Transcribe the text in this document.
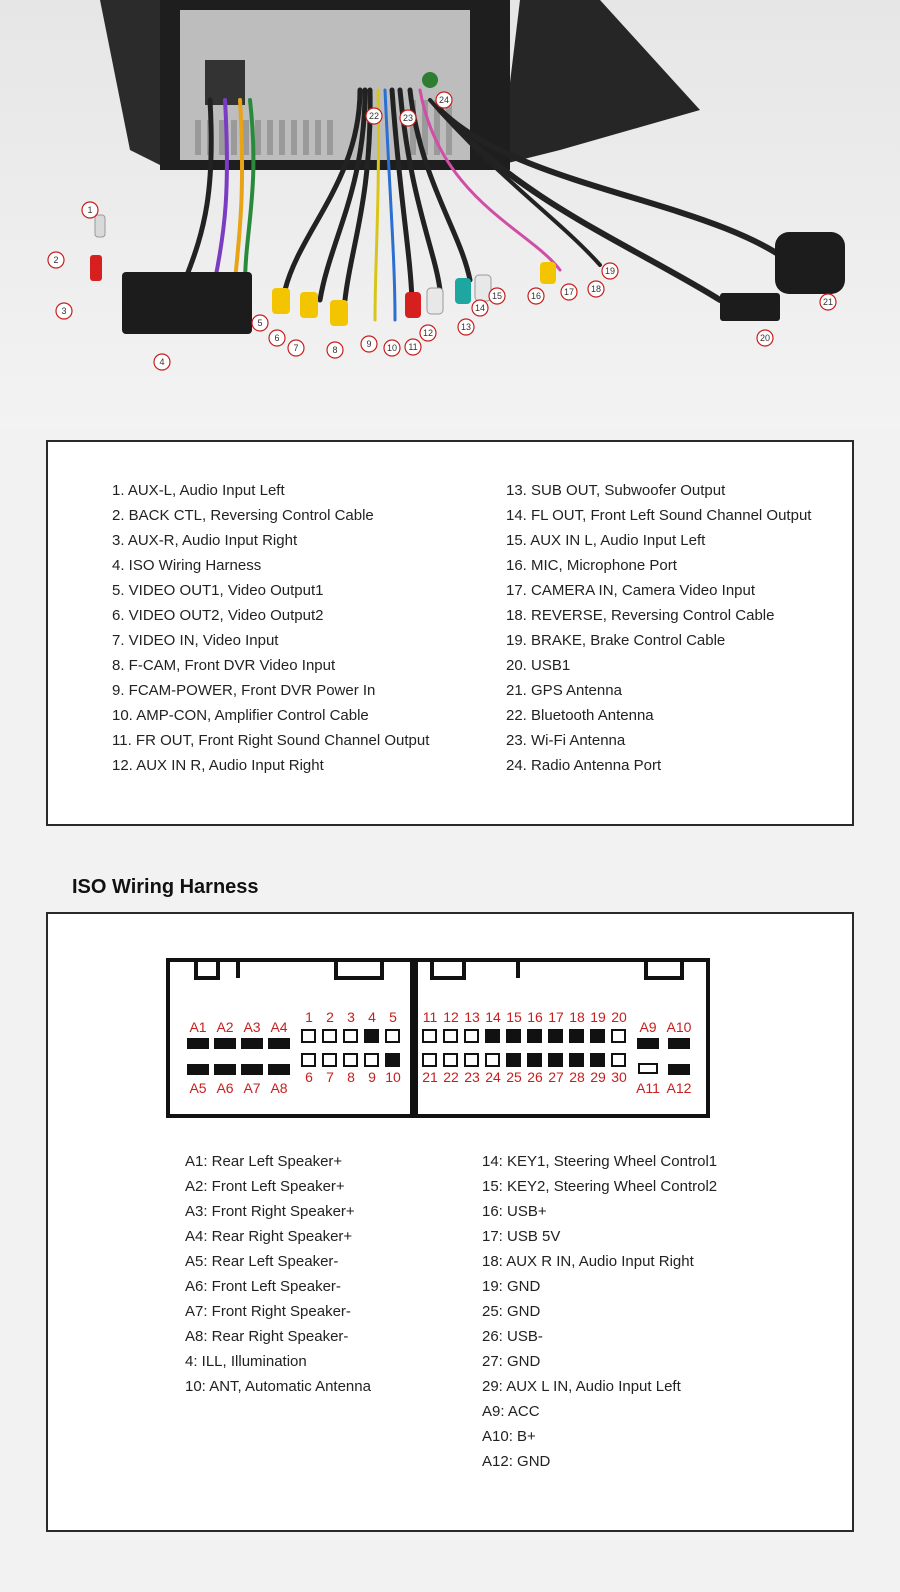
1
2
3
4
5
6
7	8
9 10 11
12
13
14
15	16	17 18
19
20
21
22	23
24
1. AUX-L, Audio Input Left
2. BACK CTL, Reversing Control Cable
3. AUX-R, Audio Input Right
4. ISO Wiring Harness
5. VIDEO OUT1, Video Output1
6. VIDEO OUT2, Video Output2
7. VIDEO IN, Video Input
8. F-CAM, Front DVR Video Input
9. FCAM-POWER, Front DVR Power In
10. AMP-CON, Amplifier Control Cable
11. FR OUT, Front Right Sound Channel Output
12. AUX IN R, Audio Input Right
13. SUB OUT, Subwoofer Output
14. FL OUT, Front Left Sound Channel Output
15. AUX IN L, Audio Input Left
16. MIC, Microphone Port
17. CAMERA IN, Camera Video Input
18. REVERSE, Reversing Control Cable
19. BRAKE, Brake Control Cable
20. USB1
21. GPS Antenna
22. Bluetooth Antenna
23. Wi-Fi Antenna
24. Radio Antenna Port
ISO Wiring Harness
A1 A2 A3 A4
A5 A6 A7 A8
1 2 3 4 5
6 7 8 9 10
11 12 13 14 15 16 17 18 19 20
21 22 23 24 25 26 27 28 29 30
A9 A10
A11 A12
A1: Rear Left Speaker+
A2: Front Left Speaker+
A3: Front Right Speaker+
A4: Rear Right Speaker+
A5: Rear Left Speaker-
A6: Front Left Speaker-
A7: Front Right Speaker-
A8: Rear Right Speaker-
4: ILL, Illumination
10: ANT, Automatic Antenna
14: KEY1, Steering Wheel Control1
15: KEY2, Steering Wheel Control2
16: USB+
17: USB 5V
18: AUX R IN, Audio Input Right
19: GND
25: GND
26: USB-
27: GND
29: AUX L IN, Audio Input Left
A9: ACC
A10: B+
A12: GND
